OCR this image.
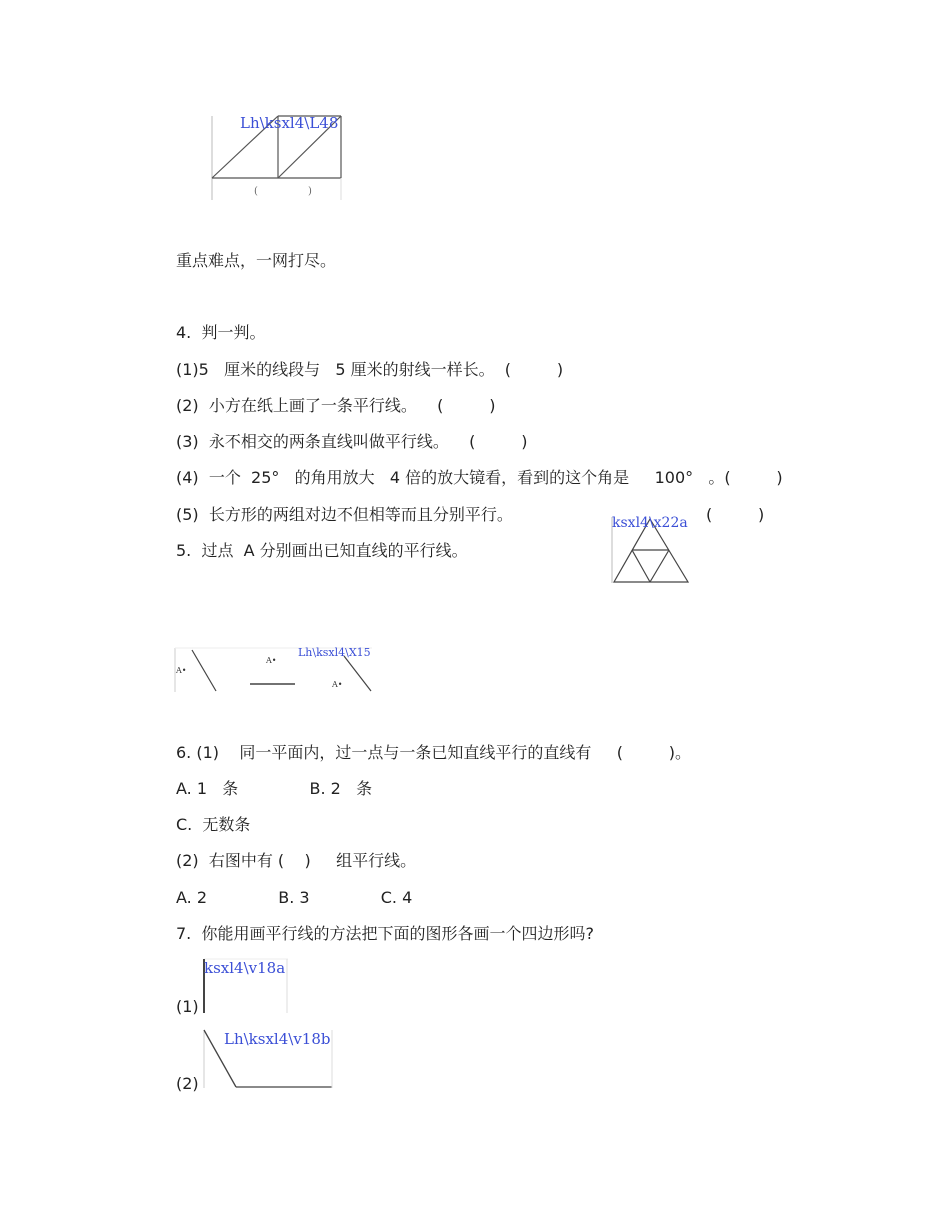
Lh\ksxl4\L48
(	)
重点难点，一网打尽。
4.  判一判。
(1)5   厘米的线段与   5 厘米的射线一样长。  (         )
(2)  小方在纸上画了一条平行线。    (         )
(3)  永不相交的两条直线叫做平行线。    (         )
(4)  一个  25°   的角用放大   4 倍的放大镜看，看到的这个角是     100°   。(         )
(5)  长方形的两组对边不但相等而且分别平行。	(         )
ksxl4\x22a
5.  过点  A 分别画出已知直线的平行线。
Lh\ksxl4\X15
A•
A•
A•
6. (1)    同一平面内，过一点与一条已知直线平行的直线有     (         )。
A. 1   条              B. 2   条
C.  无数条
(2)  右图中有 (    )     组平行线。
A. 2              B. 3              C. 4
7.  你能用画平行线的方法把下面的图形各画一个四边形吗?
ksxl4\v18a
(1)
Lh\ksxl4\v18b
(2)
